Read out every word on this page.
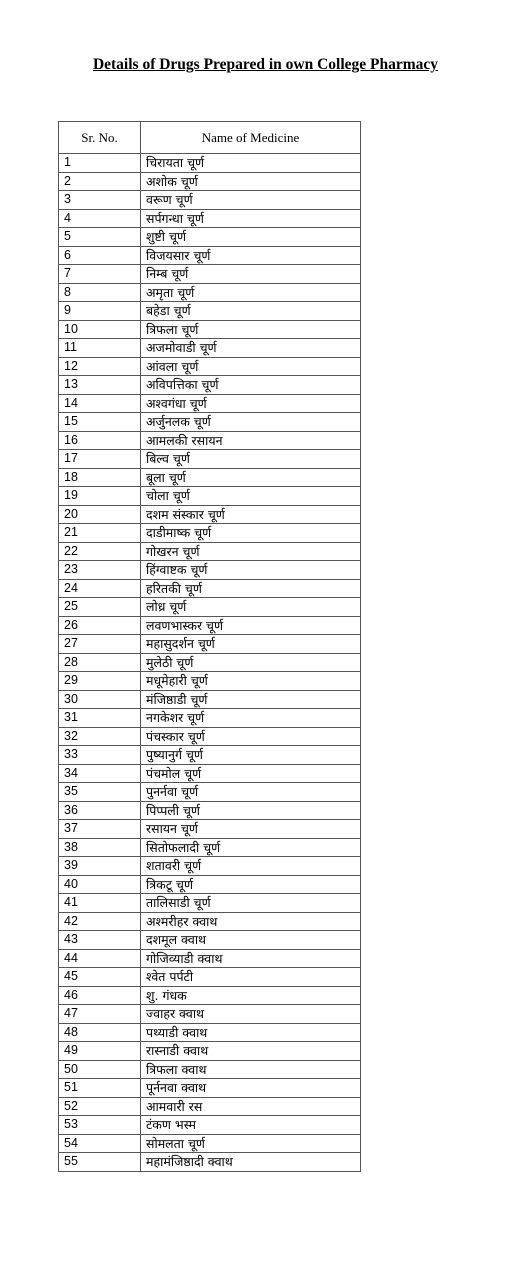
Details of Drugs Prepared in own College Pharmacy
Sr. No.	Name of Medicine
1	चिरायता चूर्ण
2	अशोक चूर्ण
3	वरूण चूर्ण
4	सर्पगन्धा चूर्ण
5	शुष्टी चूर्ण
6	विजयसार चूर्ण
7	निम्ब चूर्ण
8	अमृता चूर्ण
9	बहेडा चूर्ण
10	त्रिफला चूर्ण
11	अजमोवाडी चूर्ण
12	आंवला चूर्ण
13	अविपत्तिका चूर्ण
14	अश्वगंधा चूर्ण
15	अर्जुनलक चूर्ण
16	आमलकी रसायन
17	बिल्व चूर्ण
18	बूला चूर्ण
19	चोला चूर्ण
20	दशम संस्कार चूर्ण
21	दाडीमाष्क चूर्ण
22	गोखरन चूर्ण
23	हिंग्वाष्टक चूर्ण
24	हरितकी चूर्ण
25	लोध्र चूर्ण
26	लवणभास्कर चूर्ण
27	महासुदर्शन चूर्ण
28	मुलेठी चूर्ण
29	मधूमेहारी चूर्ण
30	मंजिष्ठाडी चूर्ण
31	नगकेशर चूर्ण
32	पंचस्कार चूर्ण
33	पुष्यानुर्ग चूर्ण
34	पंचमोल चूर्ण
35	पुनर्नवा चूर्ण
36	पिप्पली चूर्ण
37	रसायन चूर्ण
38	सितोफलादी चूर्ण
39	शतावरी चूर्ण
40	त्रिकटू चूर्ण
41	तालिसाडी चूर्ण
42	अश्मरीहर क्वाथ
43	दशमूल क्वाथ
44	गोजिव्याडी क्वाथ
45	श्वेत पर्पटी
46	शु. गंधक
47	ज्वाहर क्वाथ
48	पथ्याडी क्वाथ
49	रास्नाडी क्वाथ
50	त्रिफला क्वाथ
51	पूर्ननवा क्वाथ
52	आमवारी रस
53	टंकण भस्म
54	सोमलता चूर्ण
55	महामंजिष्ठादी क्वाथ
